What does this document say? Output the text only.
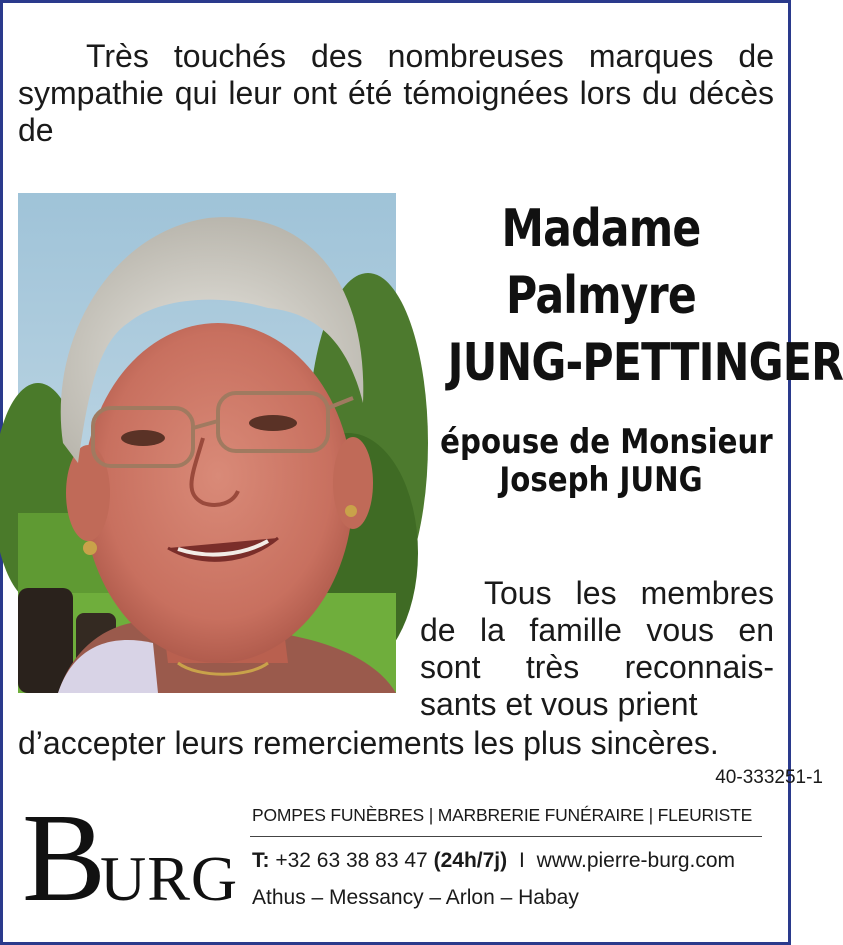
Très touchés des nombreuses marques de sympathie qui leur ont été témoignées lors du décès de
Madame
Palmyre
JUNG-PETTINGER
épouse de Monsieur
Joseph JUNG
Tous les membres de la famille vous en sont très reconnais-sants et vous prient
d’accepter leurs remerciements les plus sincères.
40-333251-1
B
URG
POMPES FUNÈBRES | MARBRERIE FUNÉRAIRE | FLEURISTE
T: +32 63 38 83 47 (24h/7j) I www.pierre-burg.com
Athus – Messancy – Arlon – Habay
